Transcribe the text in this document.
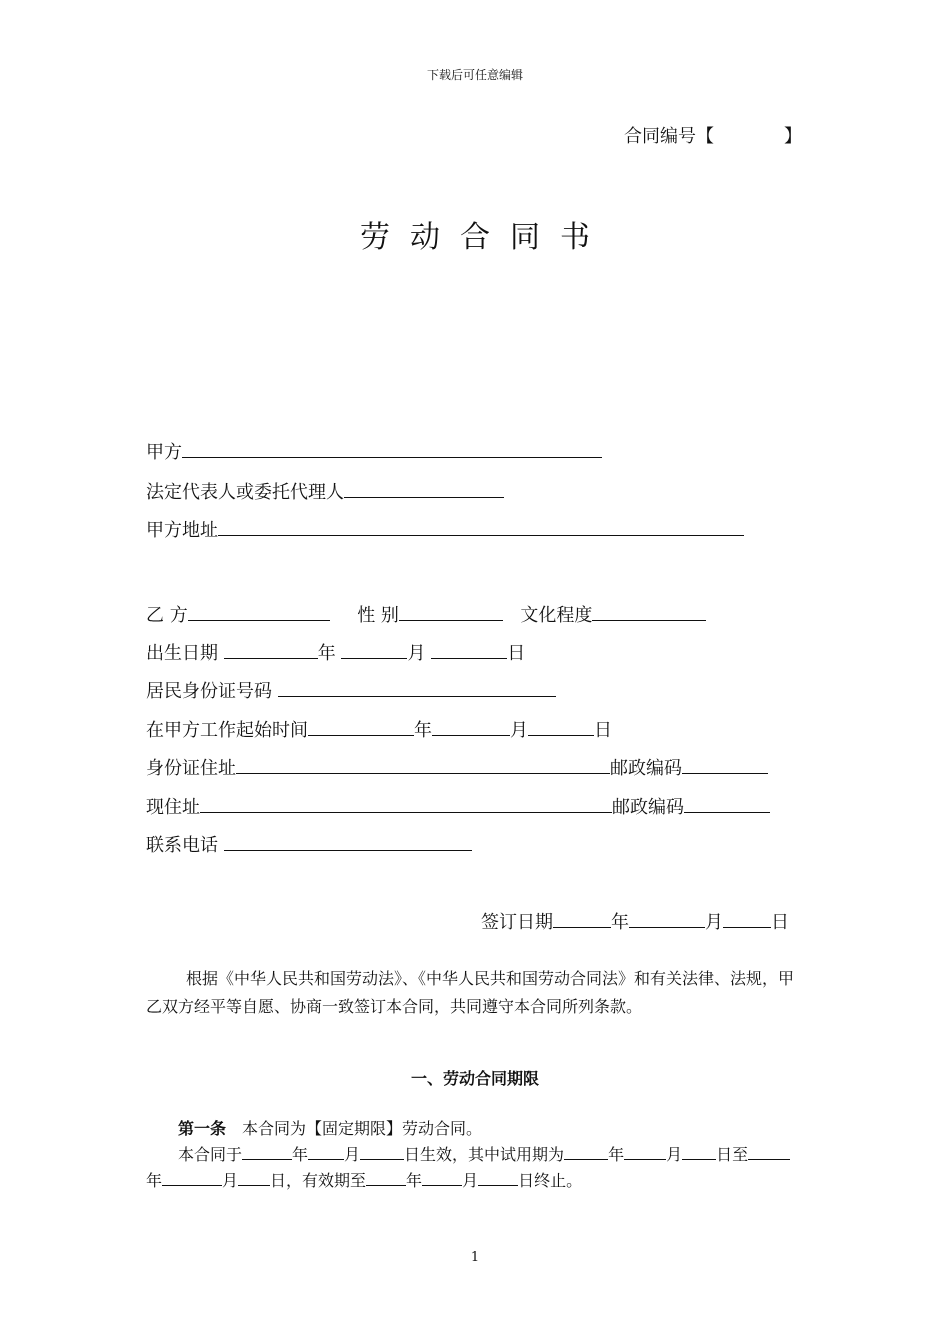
下载后可任意编辑
合同编号【	】
劳动合同书
甲方
法定代表人或委托代理人
甲方地址
乙 方	性 别	文化程度
出生日期	年	月	日
居民身份证号码
在甲方工作起始时间	年	月	日
身份证住址	邮政编码
现住址	邮政编码
联系电话
签订日期	年	月	日
根据《中华人民共和国劳动法》、《中华人民共和国劳动合同法》和有关法律、法规，甲乙双方经平等自愿、协商一致签订本合同，共同遵守本合同所列条款。
一、劳动合同期限
第一条 本合同为【固定期限】劳动合同。
本合同于	年 月	日生效，其中试用期为	年	月 日至
年	月 日，有效期至	年	月	日终止。
1
